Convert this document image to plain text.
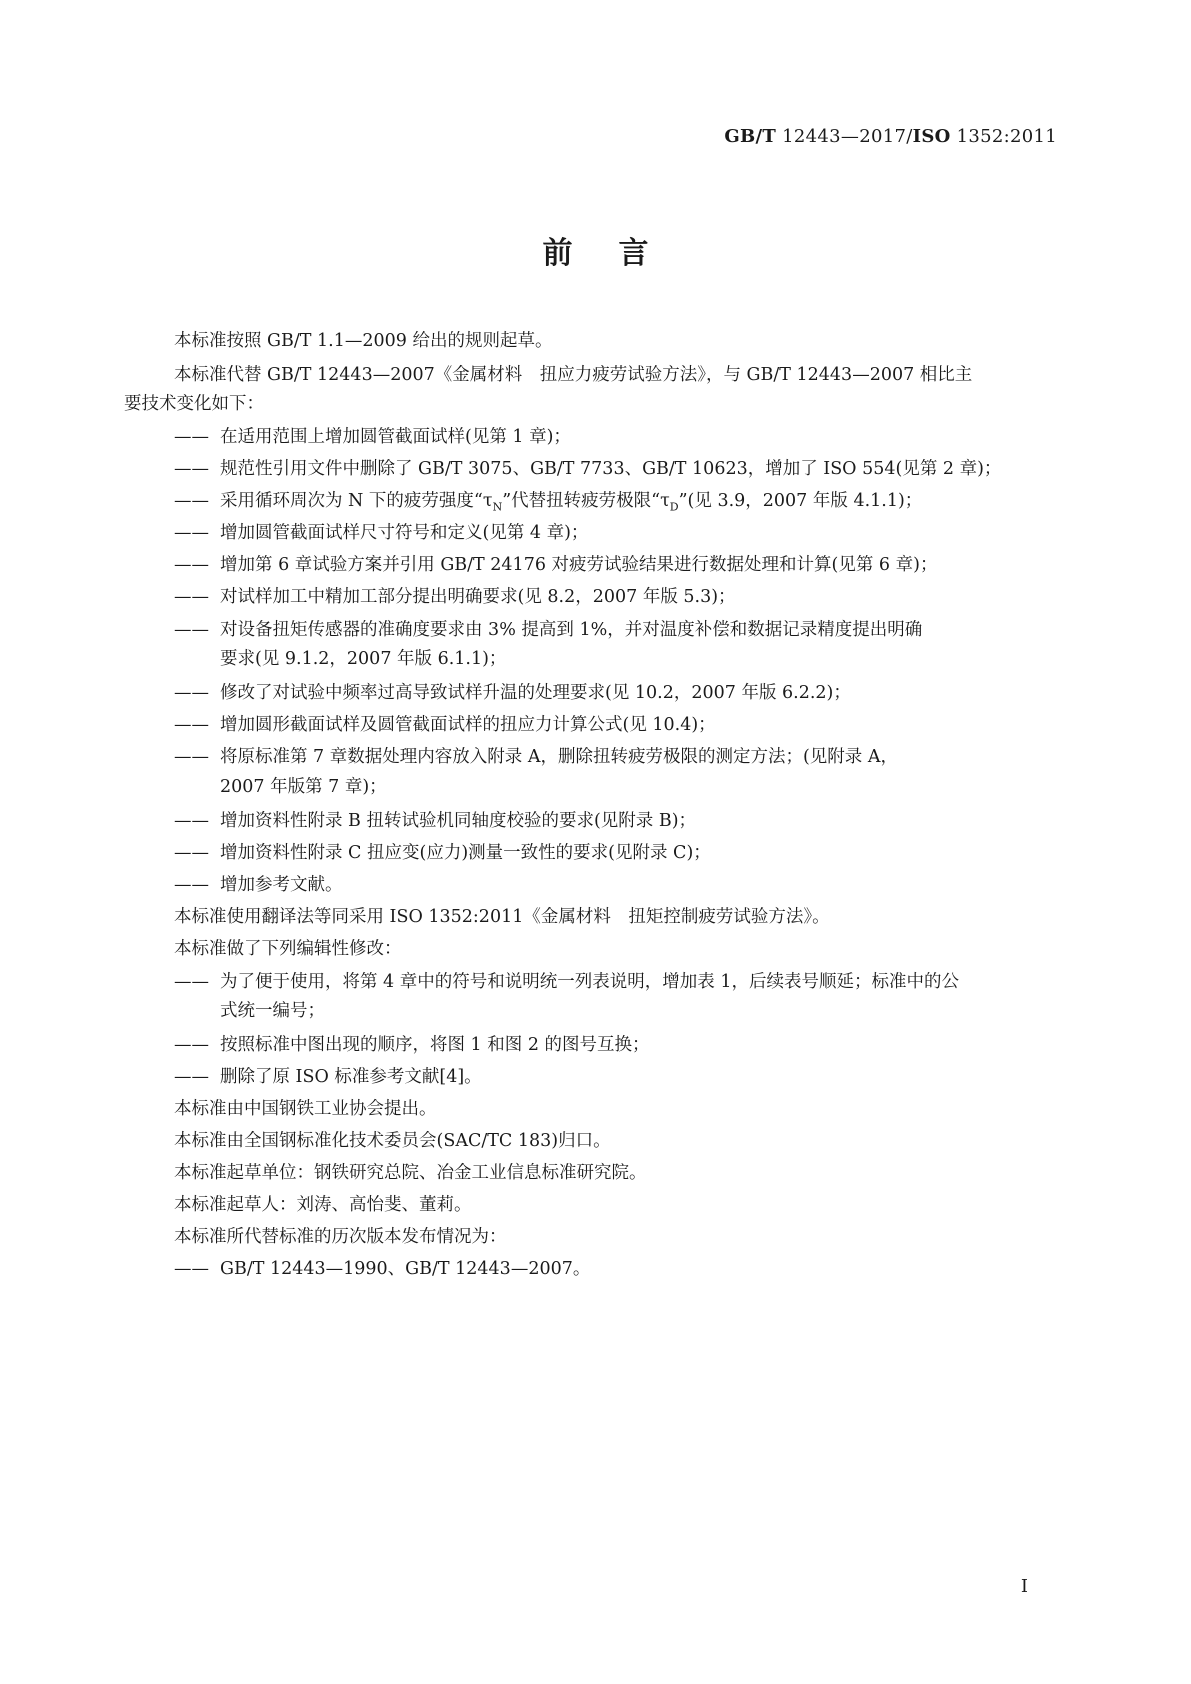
GB/T 12443—2017/ISO 1352:2011
前言
本标准按照 GB/T 1.1—2009 给出的规则起草。
本标准代替 GB/T 12443—2007《金属材料　扭应力疲劳试验方法》，与 GB/T 12443—2007 相比主
要技术变化如下：
—— 在适用范围上增加圆管截面试样(见第 1 章)；
—— 规范性引用文件中删除了 GB/T 3075、GB/T 7733、GB/T 10623，增加了 ISO 554(见第 2 章)；
—— 采用循环周次为 N 下的疲劳强度“$\tau_N$”代替扭转疲劳极限“$\tau_D$”(见 3.9，2007 年版 4.1.1)；
—— 增加圆管截面试样尺寸符号和定义(见第 4 章)；
—— 增加第 6 章试验方案并引用 GB/T 24176 对疲劳试验结果进行数据处理和计算(见第 6 章)；
—— 对试样加工中精加工部分提出明确要求(见 8.2，2007 年版 5.3)；
—— 对设备扭矩传感器的准确度要求由 3% 提高到 1%，并对温度补偿和数据记录精度提出明确
要求(见 9.1.2，2007 年版 6.1.1)；
—— 修改了对试验中频率过高导致试样升温的处理要求(见 10.2，2007 年版 6.2.2)；
—— 增加圆形截面试样及圆管截面试样的扭应力计算公式(见 10.4)；
—— 将原标准第 7 章数据处理内容放入附录 A，删除扭转疲劳极限的测定方法；(见附录 A，
2007 年版第 7 章)；
—— 增加资料性附录 B 扭转试验机同轴度校验的要求(见附录 B)；
—— 增加资料性附录 C 扭应变(应力)测量一致性的要求(见附录 C)；
—— 增加参考文献。
本标准使用翻译法等同采用 ISO 1352:2011《金属材料　扭矩控制疲劳试验方法》。
本标准做了下列编辑性修改：
—— 为了便于使用，将第 4 章中的符号和说明统一列表说明，增加表 1，后续表号顺延；标准中的公
式统一编号；
—— 按照标准中图出现的顺序，将图 1 和图 2 的图号互换；
—— 删除了原 ISO 标准参考文献[4]。
本标准由中国钢铁工业协会提出。
本标准由全国钢标准化技术委员会(SAC/TC 183)归口。
本标准起草单位：钢铁研究总院、冶金工业信息标准研究院。
本标准起草人：刘涛、高怡斐、董莉。
本标准所代替标准的历次版本发布情况为：
—— GB/T 12443—1990、GB/T 12443—2007。
I
